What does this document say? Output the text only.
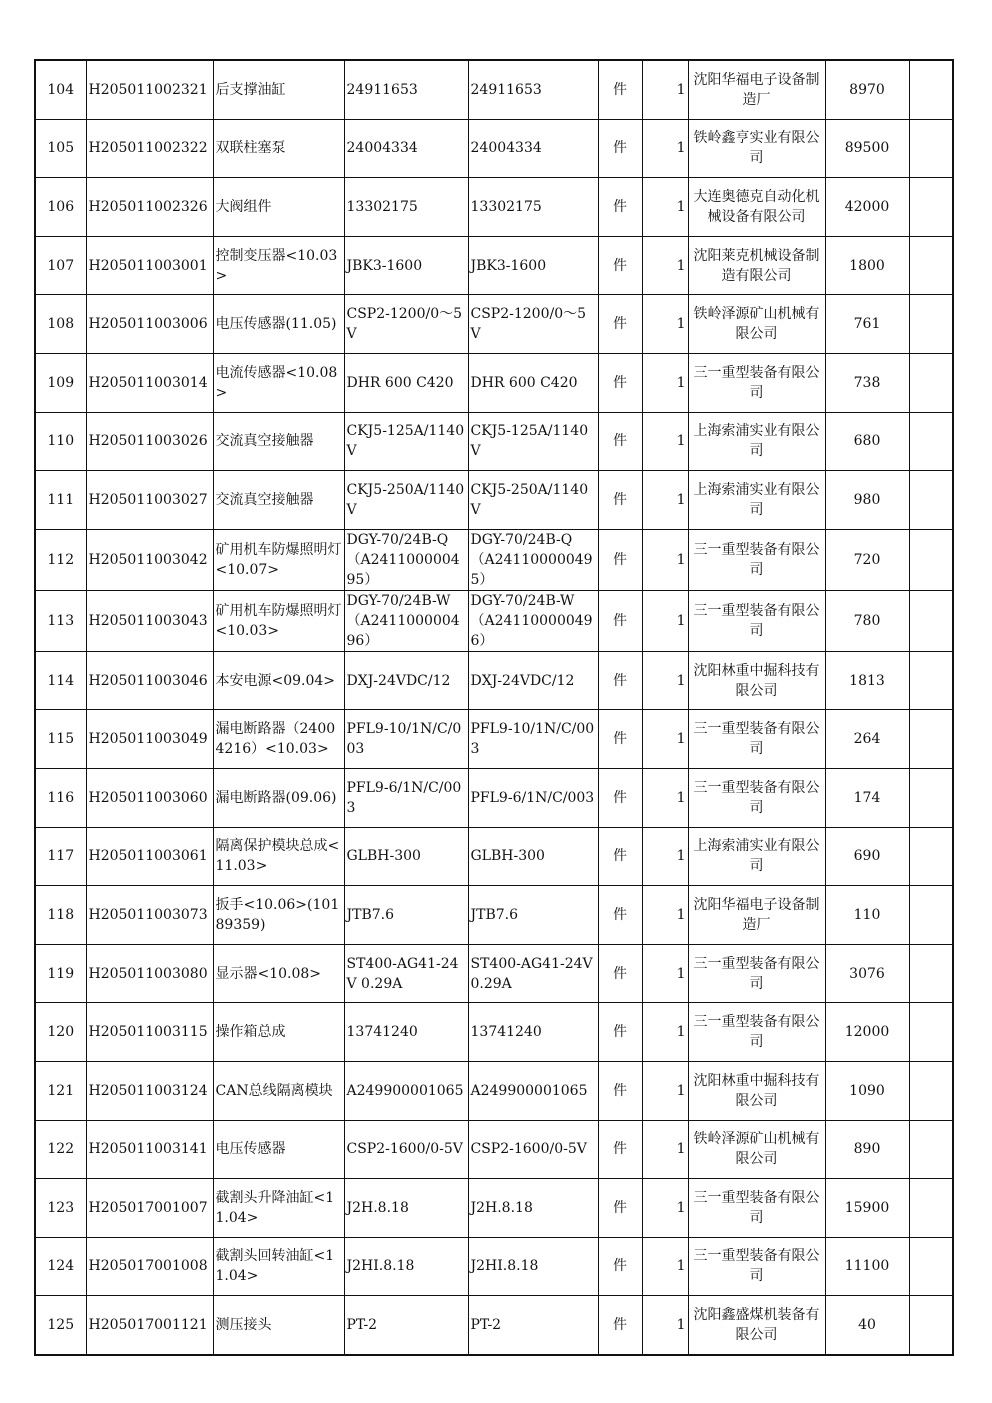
104	H205011002321	后支撑油缸	24911653	24911653	件	1	沈阳华福电子设备制造厂	8970	
105	H205011002322	双联柱塞泵	24004334	24004334	件	1	铁岭鑫亨实业有限公司	89500	
106	H205011002326	大阀组件	13302175	13302175	件	1	大连奥德克自动化机械设备有限公司	42000	
107	H205011003001	控制变压器<10.03>	JBK3-1600	JBK3-1600	件	1	沈阳莱克机械设备制造有限公司	1800	
108	H205011003006	电压传感器(11.05)	CSP2-1200/0～5V	CSP2-1200/0～5V	件	1	铁岭泽源矿山机械有限公司	761	
109	H205011003014	电流传感器<10.08>	DHR 600 C420	DHR 600 C420	件	1	三一重型装备有限公司	738	
110	H205011003026	交流真空接触器	CKJ5-125A/1140V	CKJ5-125A/1140V	件	1	上海索浦实业有限公司	680	
111	H205011003027	交流真空接触器	CKJ5-250A/1140V	CKJ5-250A/1140V	件	1	上海索浦实业有限公司	980	
112	H205011003042	矿用机车防爆照明灯<10.07>	DGY-70/24B-Q（A241100000495）	DGY-70/24B-Q（A241100000495）	件	1	三一重型装备有限公司	720	
113	H205011003043	矿用机车防爆照明灯<10.03>	DGY-70/24B-W（A241100000496）	DGY-70/24B-W（A241100000496）	件	1	三一重型装备有限公司	780	
114	H205011003046	本安电源<09.04>	DXJ-24VDC/12	DXJ-24VDC/12	件	1	沈阳林重中掘科技有限公司	1813	
115	H205011003049	漏电断路器（24004216）<10.03>	PFL9-10/1N/C/003	PFL9-10/1N/C/003	件	1	三一重型装备有限公司	264	
116	H205011003060	漏电断路器(09.06)	PFL9-6/1N/C/003	PFL9-6/1N/C/003	件	1	三一重型装备有限公司	174	
117	H205011003061	隔离保护模块总成<11.03>	GLBH-300	GLBH-300	件	1	上海索浦实业有限公司	690	
118	H205011003073	扳手<10.06>(10189359)	JTB7.6	JTB7.6	件	1	沈阳华福电子设备制造厂	110	
119	H205011003080	显示器<10.08>	ST400-AG41-24V 0.29A	ST400-AG41-24V 0.29A	件	1	三一重型装备有限公司	3076	
120	H205011003115	操作箱总成	13741240	13741240	件	1	三一重型装备有限公司	12000	
121	H205011003124	CAN总线隔离模块	A249900001065	A249900001065	件	1	沈阳林重中掘科技有限公司	1090	
122	H205011003141	电压传感器	CSP2-1600/0-5V	CSP2-1600/0-5V	件	1	铁岭泽源矿山机械有限公司	890	
123	H205017001007	截割头升降油缸<11.04>	J2H.8.18	J2H.8.18	件	1	三一重型装备有限公司	15900	
124	H205017001008	截割头回转油缸<11.04>	J2HⅠ.8.18	J2HⅠ.8.18	件	1	三一重型装备有限公司	11100	
125	H205017001121	测压接头	PT-2	PT-2	件	1	沈阳鑫盛煤机装备有限公司	40	
